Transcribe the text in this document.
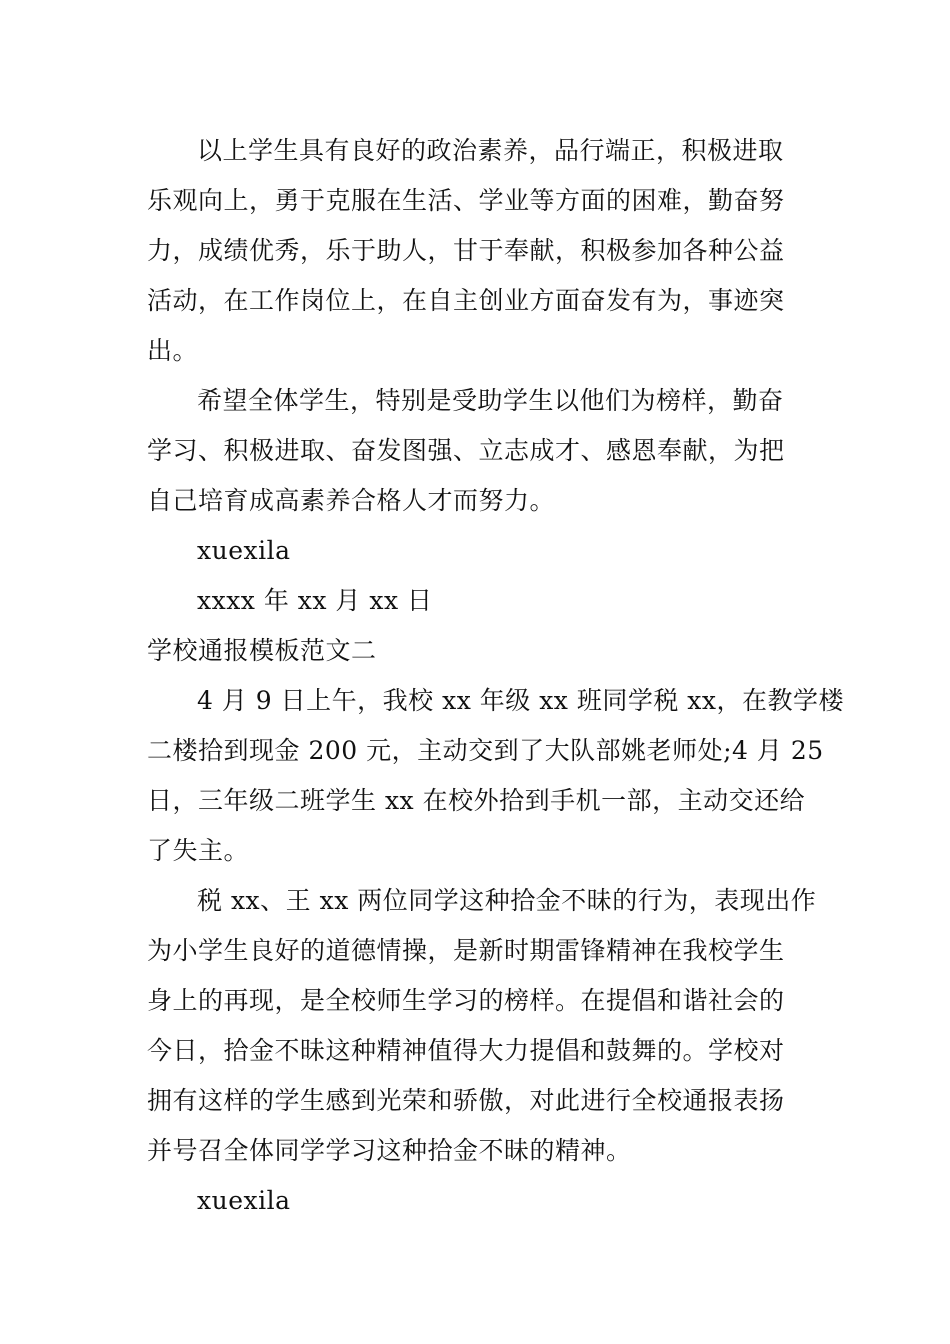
以上学生具有良好的政治素养，品行端正，积极进取
乐观向上，勇于克服在生活、学业等方面的困难，勤奋努
力，成绩优秀，乐于助人，甘于奉献，积极参加各种公益
活动，在工作岗位上，在自主创业方面奋发有为，事迹突
出。
希望全体学生，特别是受助学生以他们为榜样，勤奋
学习、积极进取、奋发图强、立志成才、感恩奉献，为把
自己培育成高素养合格人才而努力。
xuexila
xxxx 年 xx 月 xx 日
学校通报模板范文二
4 月 9 日上午，我校 xx 年级 xx 班同学税 xx，在教学楼
二楼拾到现金 200 元，主动交到了大队部姚老师处;4 月 25
日，三年级二班学生 xx 在校外拾到手机一部，主动交还给
了失主。
税 xx、王 xx 两位同学这种拾金不昧的行为，表现出作
为小学生良好的道德情操，是新时期雷锋精神在我校学生
身上的再现，是全校师生学习的榜样。在提倡和谐社会的
今日，拾金不昧这种精神值得大力提倡和鼓舞的。学校对
拥有这样的学生感到光荣和骄傲，对此进行全校通报表扬
并号召全体同学学习这种拾金不昧的精神。
xuexila
